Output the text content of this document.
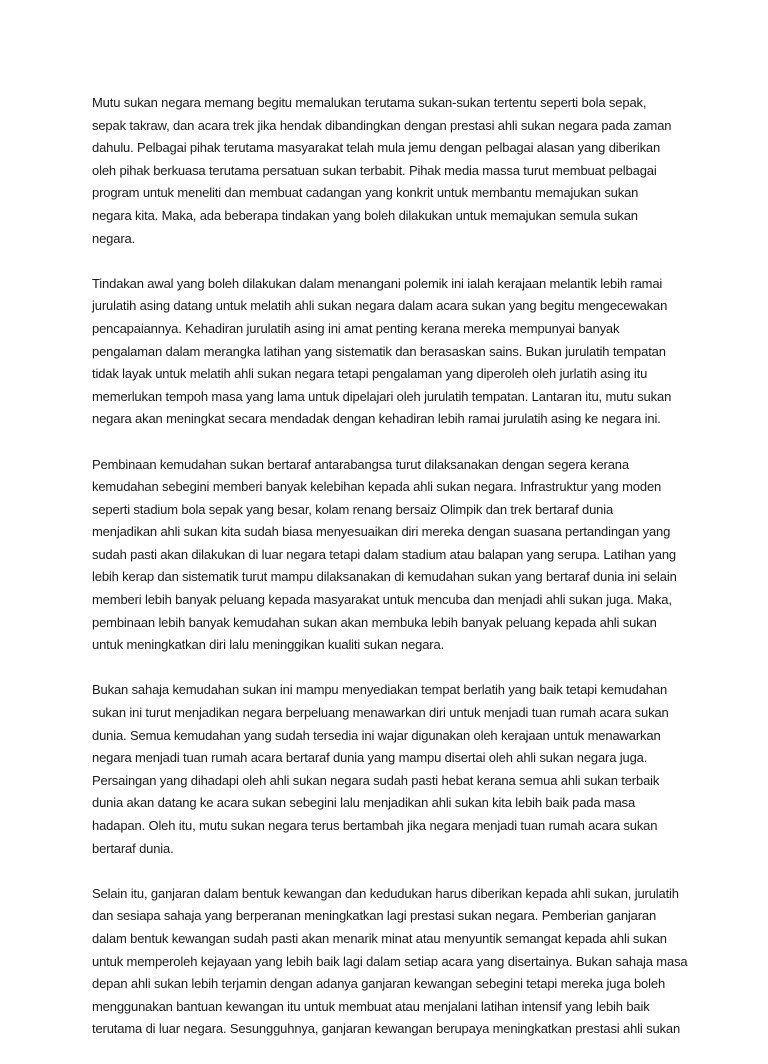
Mutu sukan negara memang begitu memalukan terutama sukan-sukan tertentu seperti bola sepak,
sepak takraw, dan acara trek jika hendak dibandingkan dengan prestasi ahli sukan negara pada zaman
dahulu. Pelbagai pihak terutama masyarakat telah mula jemu dengan pelbagai alasan yang diberikan
oleh pihak berkuasa terutama persatuan sukan terbabit. Pihak media massa turut membuat pelbagai
program untuk meneliti dan membuat cadangan yang konkrit untuk membantu memajukan sukan
negara kita. Maka, ada beberapa tindakan yang boleh dilakukan untuk memajukan semula sukan
negara.
Tindakan awal yang boleh dilakukan dalam menangani polemik ini ialah kerajaan melantik lebih ramai
jurulatih asing datang untuk melatih ahli sukan negara dalam acara sukan yang begitu mengecewakan
pencapaiannya. Kehadiran jurulatih asing ini amat penting kerana mereka mempunyai banyak
pengalaman dalam merangka latihan yang sistematik dan berasaskan sains. Bukan jurulatih tempatan
tidak layak untuk melatih ahli sukan negara tetapi pengalaman yang diperoleh oleh jurlatih asing itu
memerlukan tempoh masa yang lama untuk dipelajari oleh jurulatih tempatan. Lantaran itu, mutu sukan
negara akan meningkat secara mendadak dengan kehadiran lebih ramai jurulatih asing ke negara ini.
Pembinaan kemudahan sukan bertaraf antarabangsa turut dilaksanakan dengan segera kerana
kemudahan sebegini memberi banyak kelebihan kepada ahli sukan negara. Infrastruktur yang moden
seperti stadium bola sepak yang besar, kolam renang bersaiz Olimpik dan trek bertaraf dunia
menjadikan ahli sukan kita sudah biasa menyesuaikan diri mereka dengan suasana pertandingan yang
sudah pasti akan dilakukan di luar negara tetapi dalam stadium atau balapan yang serupa. Latihan yang
lebih kerap dan sistematik turut mampu dilaksanakan di kemudahan sukan yang bertaraf dunia ini selain
memberi lebih banyak peluang kepada masyarakat untuk mencuba dan menjadi ahli sukan juga. Maka,
pembinaan lebih banyak kemudahan sukan akan membuka lebih banyak peluang kepada ahli sukan
untuk meningkatkan diri lalu meninggikan kualiti sukan negara.
Bukan sahaja kemudahan sukan ini mampu menyediakan tempat berlatih yang baik tetapi kemudahan
sukan ini turut menjadikan negara berpeluang menawarkan diri untuk menjadi tuan rumah acara sukan
dunia. Semua kemudahan yang sudah tersedia ini wajar digunakan oleh kerajaan untuk menawarkan
negara menjadi tuan rumah acara bertaraf dunia yang mampu disertai oleh ahli sukan negara juga.
Persaingan yang dihadapi oleh ahli sukan negara sudah pasti hebat kerana semua ahli sukan terbaik
dunia akan datang ke acara sukan sebegini lalu menjadikan ahli sukan kita lebih baik pada masa
hadapan. Oleh itu, mutu sukan negara terus bertambah jika negara menjadi tuan rumah acara sukan
bertaraf dunia.
Selain itu, ganjaran dalam bentuk kewangan dan kedudukan harus diberikan kepada ahli sukan, jurulatih
dan sesiapa sahaja yang berperanan meningkatkan lagi prestasi sukan negara. Pemberian ganjaran
dalam bentuk kewangan sudah pasti akan menarik minat atau menyuntik semangat kepada ahli sukan
untuk memperoleh kejayaan yang lebih baik lagi dalam setiap acara yang disertainya. Bukan sahaja masa
depan ahli sukan lebih terjamin dengan adanya ganjaran kewangan sebegini tetapi mereka juga boleh
menggunakan bantuan kewangan itu untuk membuat atau menjalani latihan intensif yang lebih baik
terutama di luar negara. Sesungguhnya, ganjaran kewangan berupaya meningkatkan prestasi ahli sukan
